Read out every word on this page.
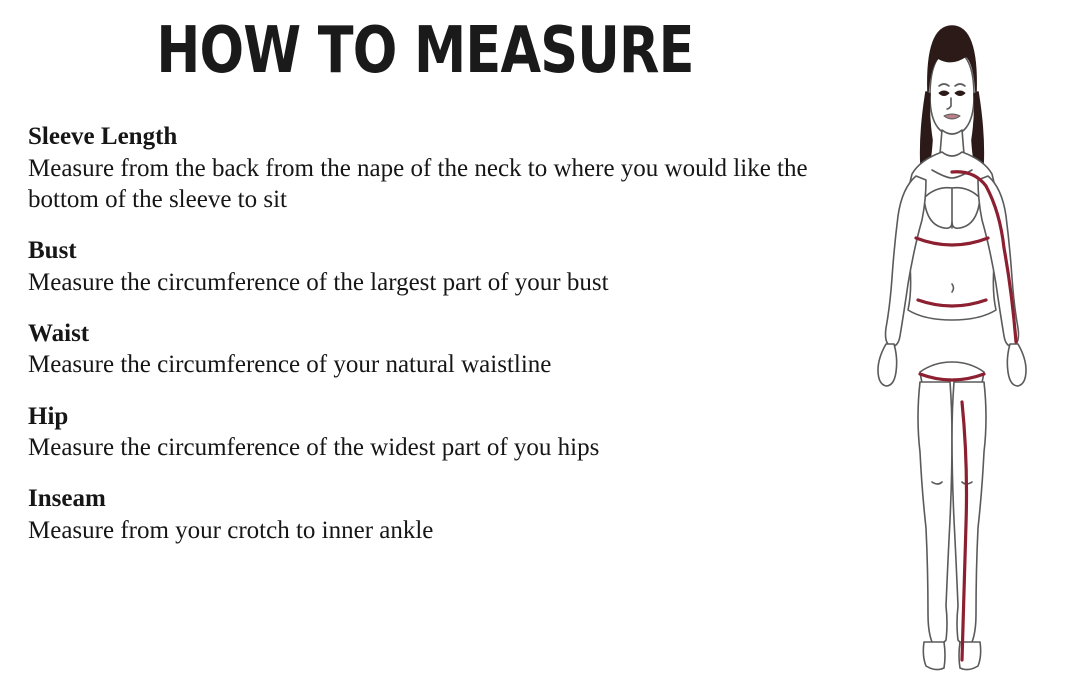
HOW TO MEASURE
Sleeve Length
Measure from the back from the nape of the neck to where you would like the bottom of the sleeve to sit
Bust
Measure the circumference of the largest part of your bust
Waist
Measure the circumference of your natural waistline
Hip
Measure the circumference of the widest part of you hips
Inseam
Measure from your crotch to inner ankle
